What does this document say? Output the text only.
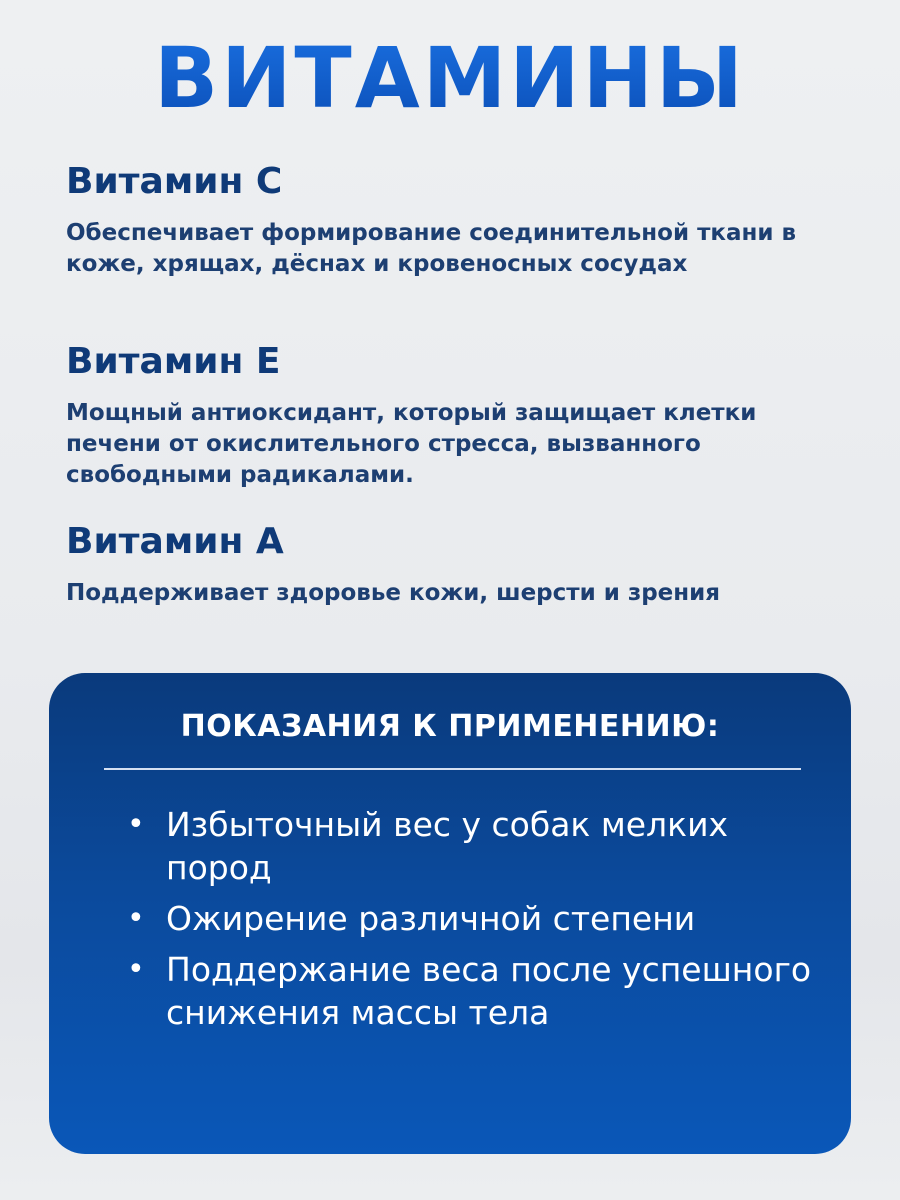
ВИТАМИНЫ
Витамин С

Обеспечивает формирование соединительной ткани в коже, хрящах, дёснах и кровеносных сосудах

Витамин Е

Мощный антиоксидант, который защищает клетки печени от окислительного стресса, вызванного свободными радикалами.

Витамин А

Поддерживает здоровье кожи, шерсти и зрения

ПОКАЗАНИЯ К ПРИМЕНЕНИЮ:
• Избыточный вес у собак мелких пород
• Ожирение различной степени
• Поддержание веса после успешного снижения массы тела
